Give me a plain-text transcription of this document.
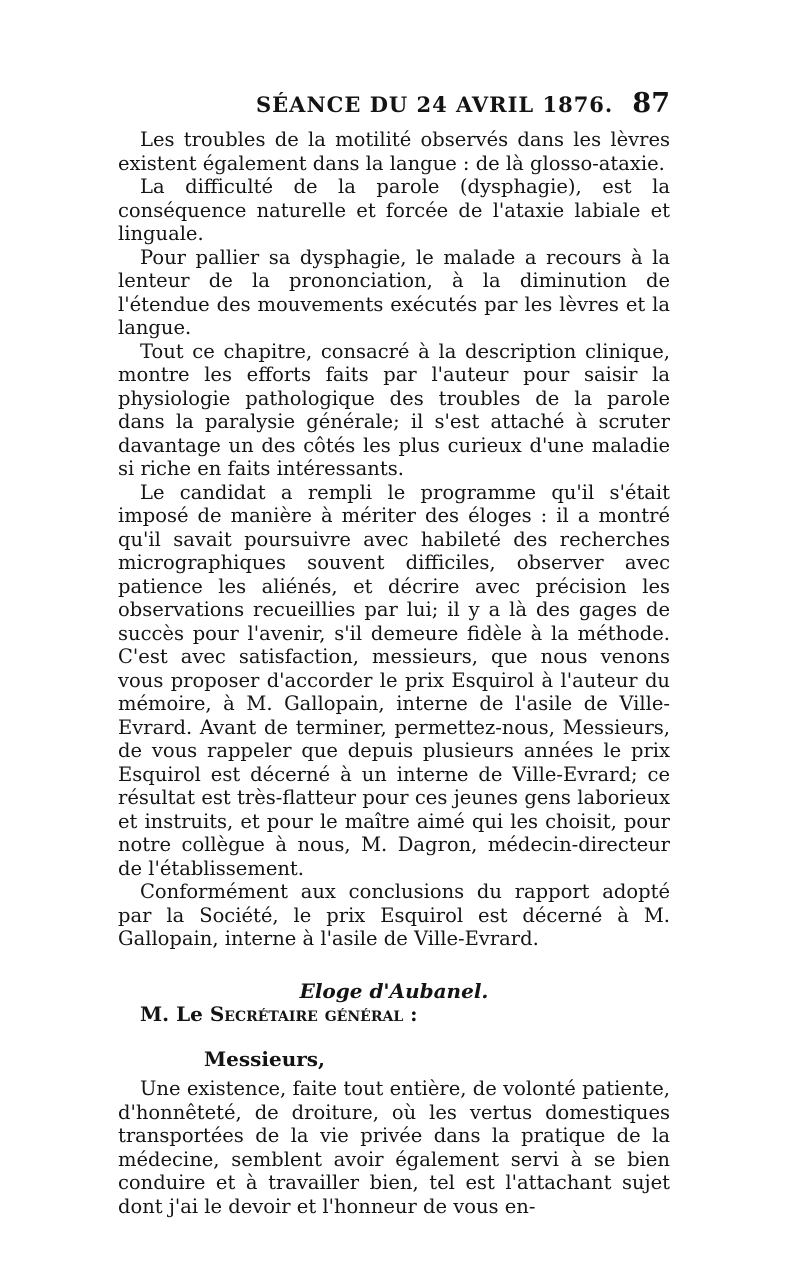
SÉANCE DU 24 AVRIL 1876. 87

Les troubles de la motilité observés dans les lèvres existent également dans la langue : de là glosso-ataxie.

La difficulté de la parole (dysphagie), est la conséquence naturelle et forcée de l'ataxie labiale et linguale.

Pour pallier sa dysphagie, le malade a recours à la lenteur de la prononciation, à la diminution de l'étendue des mouvements exécutés par les lèvres et la langue.

Tout ce chapitre, consacré à la description clinique, montre les efforts faits par l'auteur pour saisir la physiologie pathologique des troubles de la parole dans la paralysie générale; il s'est attaché à scruter davantage un des côtés les plus curieux d'une maladie si riche en faits intéressants.

Le candidat a rempli le programme qu'il s'était imposé de manière à mériter des éloges : il a montré qu'il savait poursuivre avec habileté des recherches micrographiques souvent difficiles, observer avec patience les aliénés, et décrire avec précision les observations recueillies par lui; il y a là des gages de succès pour l'avenir, s'il demeure fidèle à la méthode. C'est avec satisfaction, messieurs, que nous venons vous proposer d'accorder le prix Esquirol à l'auteur du mémoire, à M. Gallopain, interne de l'asile de Ville-Evrard. Avant de terminer, permettez-nous, Messieurs, de vous rappeler que depuis plusieurs années le prix Esquirol est décerné à un interne de Ville-Evrard; ce résultat est très-flatteur pour ces jeunes gens laborieux et instruits, et pour le maître aimé qui les choisit, pour notre collègue à nous, M. Dagron, médecin-directeur de l'établissement.

Conformément aux conclusions du rapport adopté par la Société, le prix Esquirol est décerné à M. Gallopain, interne à l'asile de Ville-Evrard.

Eloge d'Aubanel.

M. Le Secrétaire général :

Messieurs,

Une existence, faite tout entière, de volonté patiente, d'honnêteté, de droiture, où les vertus domestiques transportées de la vie privée dans la pratique de la médecine, semblent avoir également servi à se bien conduire et à travailler bien, tel est l'attachant sujet dont j'ai le devoir et l'honneur de vous en-
